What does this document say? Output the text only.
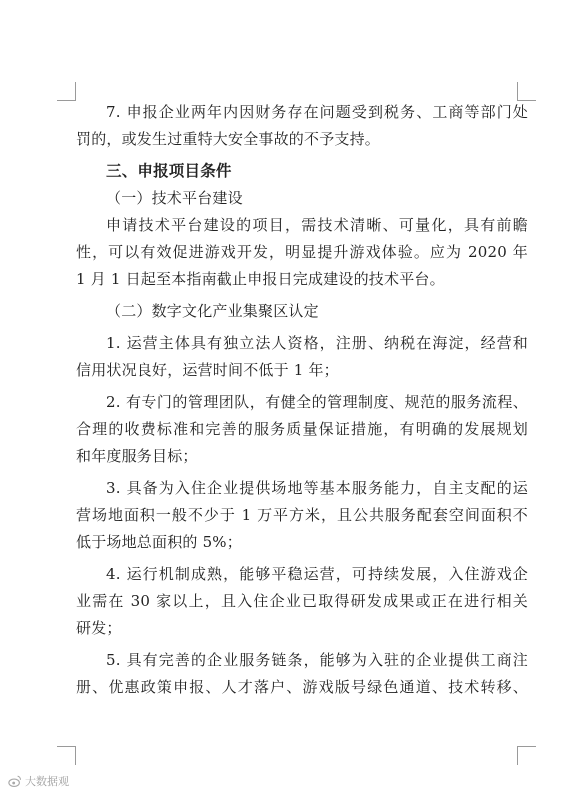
7. 申报企业两年内因财务存在问题受到税务、工商等部门处
罚的，或发生过重特大安全事故的不予支持。
三、申报项目条件
（一）技术平台建设
申请技术平台建设的项目，需技术清晰、可量化，具有前瞻
性，可以有效促进游戏开发，明显提升游戏体验。应为 2020 年
1 月 1 日起至本指南截止申报日完成建设的技术平台。
（二）数字文化产业集聚区认定
1. 运营主体具有独立法人资格，注册、纳税在海淀，经营和
信用状况良好，运营时间不低于 1 年；
2. 有专门的管理团队，有健全的管理制度、规范的服务流程、
合理的收费标准和完善的服务质量保证措施，有明确的发展规划
和年度服务目标；
3. 具备为入住企业提供场地等基本服务能力，自主支配的运
营场地面积一般不少于 1 万平方米，且公共服务配套空间面积不
低于场地总面积的 5%；
4. 运行机制成熟，能够平稳运营，可持续发展，入住游戏企
业需在 30 家以上，且入住企业已取得研发成果或正在进行相关
研发；
5. 具有完善的企业服务链条，能够为入驻的企业提供工商注
册、优惠政策申报、人才落户、游戏版号绿色通道、技术转移、
大数据观
